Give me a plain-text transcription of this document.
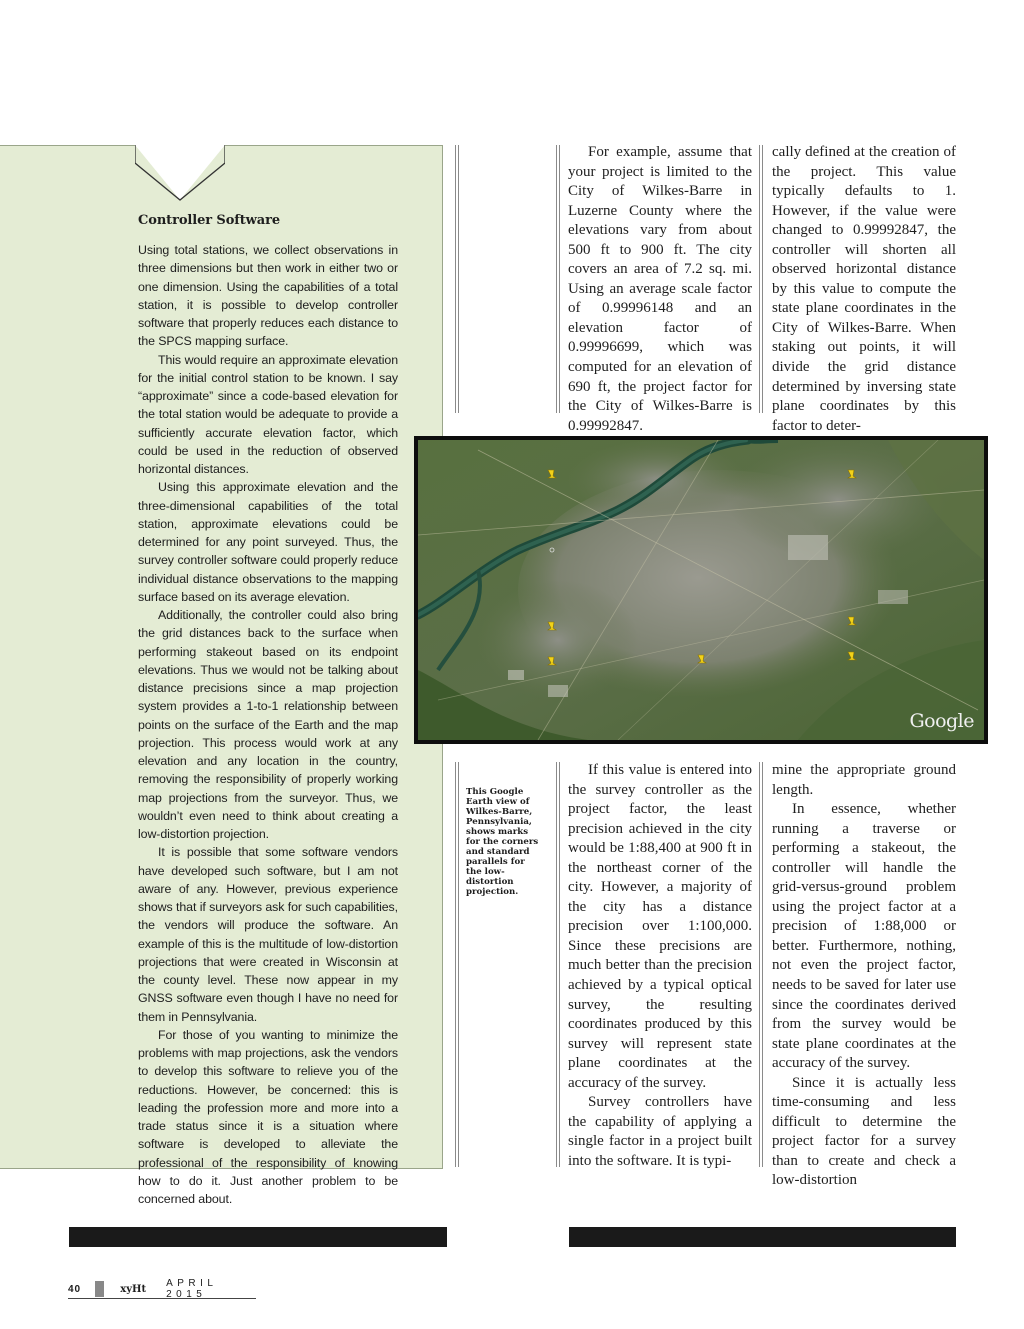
Controller Software

Using total stations, we collect observations in three dimensions but then work in either two or one dimension. Using the capabilities of a total station, it is possible to develop controller software that properly reduces each distance to the SPCS mapping surface.

This would require an approximate elevation for the initial control station to be known. I say “approximate” since a code-based elevation for the total station would be adequate to provide a sufficiently accurate elevation factor, which could be used in the reduction of observed horizontal distances.

Using this approximate elevation and the three-dimensional capabilities of the total station, approximate elevations could be determined for any point surveyed. Thus, the survey controller software could properly reduce individual distance observations to the mapping surface based on its average elevation.

Additionally, the controller could also bring the grid distances back to the surface when performing stakeout based on its endpoint elevations. Thus we would not be talking about distance precisions since a map projection system provides a 1-to-1 relationship between points on the surface of the Earth and the map projection. This process would work at any elevation and any location in the country, removing the responsibility of properly working map projections from the surveyor. Thus, we wouldn’t even need to think about creating a low-distortion projection.

It is possible that some software vendors have developed such software, but I am not aware of any. However, previous experience shows that if surveyors ask for such capabilities, the vendors will produce the software. An example of this is the multitude of low-distortion projections that were created in Wisconsin at the county level. These now appear in my GNSS software even though I have no need for them in Pennsylvania.

For those of you wanting to minimize the problems with map projections, ask the vendors to develop this software to relieve you of the reductions. However, be concerned: this is leading the profession more and more into a trade status since it is a situation where software is developed to alleviate the professional of the responsibility of knowing how to do it. Just another problem to be concerned about.

For example, assume that your project is limited to the City of Wilkes-Barre in Luzerne County where the elevations vary from about 500 ft to 900 ft. The city covers an area of 7.2 sq. mi. Using an average scale factor of 0.99996148 and an elevation factor of 0.99996699, which was computed for an elevation of 690 ft, the project factor for the City of Wilkes-Barre is 0.99992847.

cally defined at the creation of the project. This value typically defaults to 1. However, if the value were changed to 0.99992847, the controller will shorten all observed horizontal distance by this value to compute the state plane coordinates in the City of Wilkes-Barre. When staking out points, it will divide the grid distance determined by inversing state plane coordinates by this factor to deter-

Google
This Google Earth view of Wilkes-Barre, Pennsylvania, shows marks for the corners and standard parallels for the low-distortion projection.

If this value is entered into the survey controller as the project factor, the least precision achieved in the city would be 1:88,400 at 900 ft in the northeast corner of the city. However, a majority of the city has a distance precision over 1:100,000. Since these precisions are much better than the precision achieved by a typical optical survey, the resulting coordinates produced by this survey will represent state plane coordinates at the accuracy of the survey.

Survey controllers have the capability of applying a single factor in a project built into the software. It is typi-

mine the appropriate ground length.

In essence, whether running a traverse or performing a stakeout, the controller will handle the grid-versus-ground problem using the project factor at a precision of 1:88,000 or better. Furthermore, nothing, not even the project factor, needs to be saved for later use since the coordinates derived from the survey would be state plane coordinates at the accuracy of the survey.

Since it is actually less time-consuming and less difficult to determine the project factor for a survey than to create and check a low-distortion

40	xyHt APRIL 2015
